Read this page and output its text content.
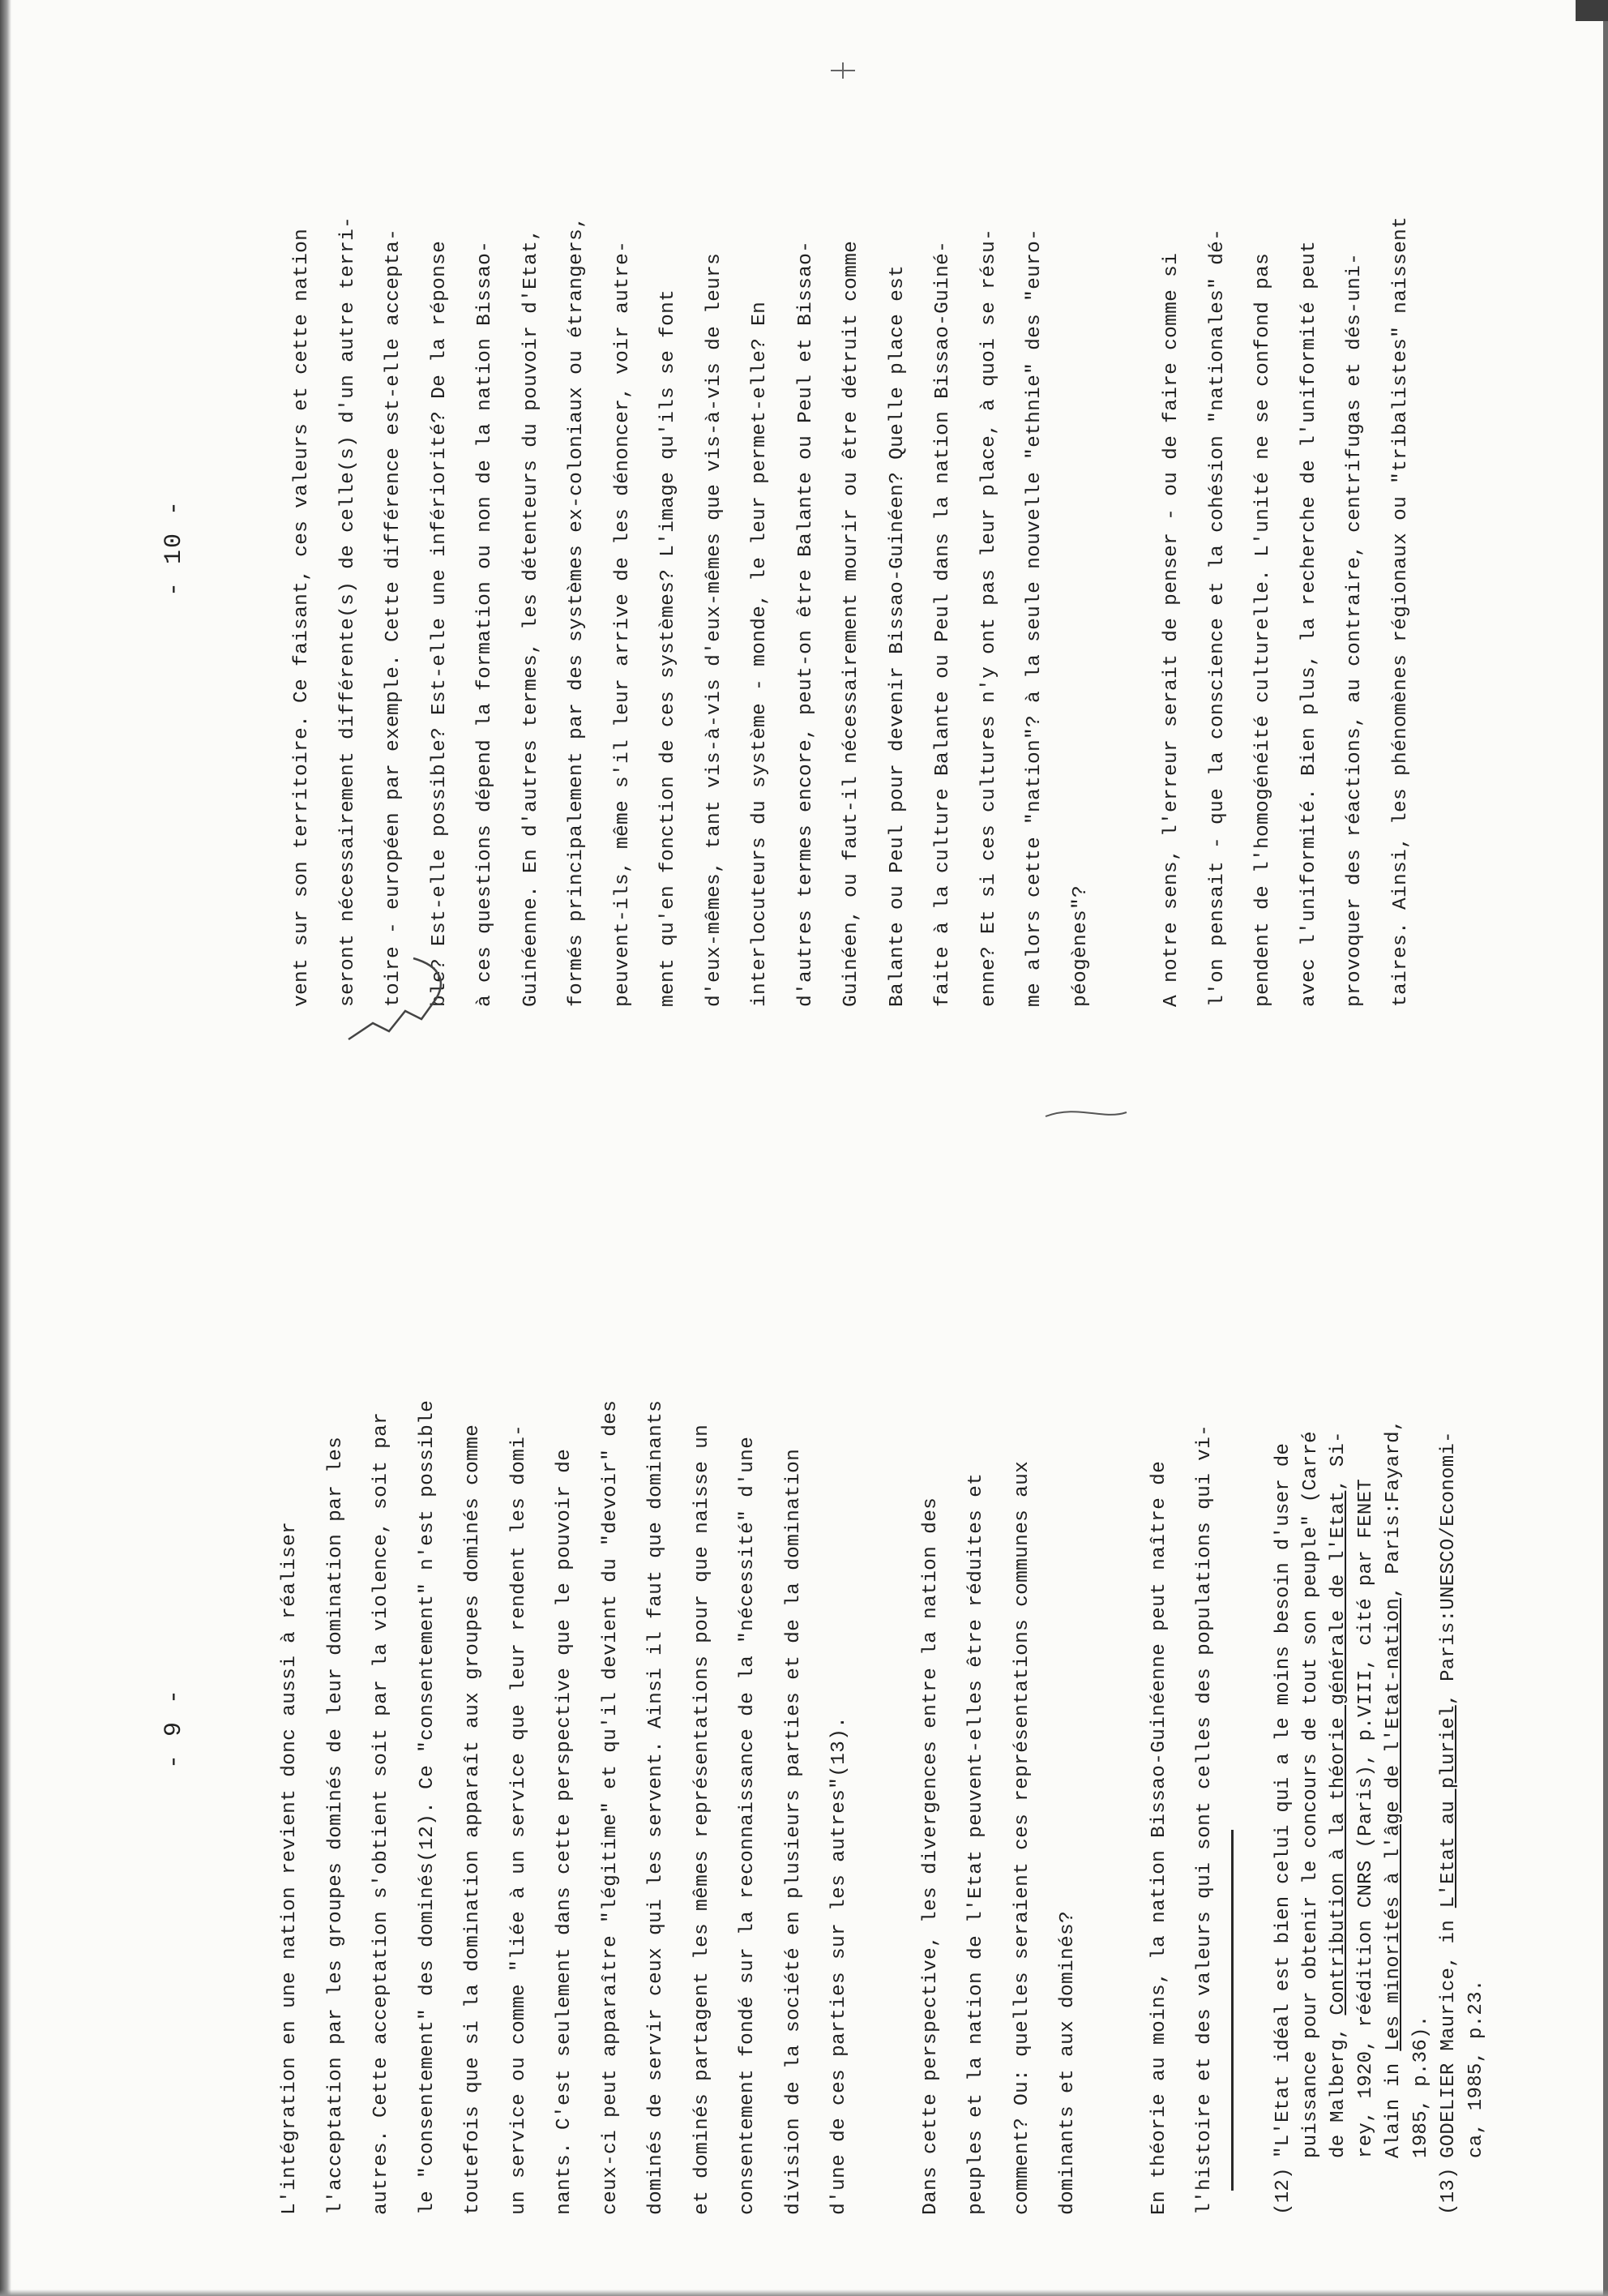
- 9 -	L'intégration en une nation revient donc aussi à réaliser	l'acceptation par les groupes dominés de leur domination par les	autres. Cette acceptation s'obtient soit par la violence, soit par	le "consentement" des dominés(12). Ce "consentement" n'est possible	toutefois que si la domination apparaît aux groupes dominés comme	un service ou comme "liée à un service que leur rendent les domi-	nants. C'est seulement dans cette perspective que le pouvoir de	ceux-ci peut apparaître "légitime" et qu'il devient du "devoir" des	dominés de servir ceux qui les servent. Ainsi il faut que dominants	et dominés partagent les mêmes représentations pour que naisse un	consentement fondé sur la reconnaissance de la "nécessité" d'une	division de la société en plusieurs parties et de la domination	d'une de ces parties sur les autres"(13).	Dans cette perspective, les divergences entre la nation des	peuples et la nation de l'Etat peuvent-elles être réduites et	comment? Ou: quelles seraient ces représentations communes aux	dominants et aux dominés?	En théorie au moins, la nation Bissao-Guinéenne peut naître de	l'histoire et des valeurs qui sont celles des populations qui vi-	(12)
"L'Etat idéal est bien celui qui a le moins besoin d'user de puissance pour obtenir le concours de tout son peuple" (Carré de Malberg, Contribution à la théorie générale de l'Etat, Si-
rey, 1920, réédition CNRS (Paris), p.VIII, cité par FENET Alain in Les minorités à l'âge de l'Etat-nation, Paris:Fayard,
1985, p.36).
(13)
GODELIER Maurice, in L'Etat au pluriel, Paris:UNESCO/Economi-
ca, 1985, p.23.
- 10 -	vent sur son territoire. Ce faisant, ces valeurs et cette nation	seront nécessairement différente(s) de celle(s) d'un autre terri-	toire - européen par exemple. Cette différence est-elle accepta-	ble? Est-elle possible? Est-elle une infériorité? De la réponse	à ces questions dépend la formation ou non de la nation Bissao-	Guinéenne. En d'autres termes, les détenteurs du pouvoir d'Etat,	formés principalement par des systèmes ex-coloniaux ou étrangers,	peuvent-ils, même s'il leur arrive de les dénoncer, voir autre-	ment qu'en fonction de ces systèmes? L'image qu'ils se font	d'eux-mêmes, tant vis-à-vis d'eux-mêmes que vis-à-vis de leurs	interlocuteurs du système - monde, le leur permet-elle? En	d'autres termes encore, peut-on être Balante ou Peul et Bissao-	Guinéen, ou faut-il nécessairement mourir ou être détruit comme	Balante ou Peul pour devenir Bissao-Guinéen? Quelle place est	faite à la culture Balante ou Peul dans la nation Bissao-Guiné-	enne? Et si ces cultures n'y ont pas leur place, à quoi se résu-	me alors cette "nation"? à la seule nouvelle "ethnie" des "euro-	péogènes"?	A notre sens, l'erreur serait de penser - ou de faire comme si	l'on pensait - que la conscience et la cohésion "nationales" dé-	pendent de l'homogénéité culturelle. L'unité ne se confond pas	avec l'uniformité. Bien plus, la recherche de l'uniformité peut	provoquer des réactions, au contraire, centrifugas et dés-uni-	taires. Ainsi, les phénomènes régionaux ou "tribalistes" naissent
